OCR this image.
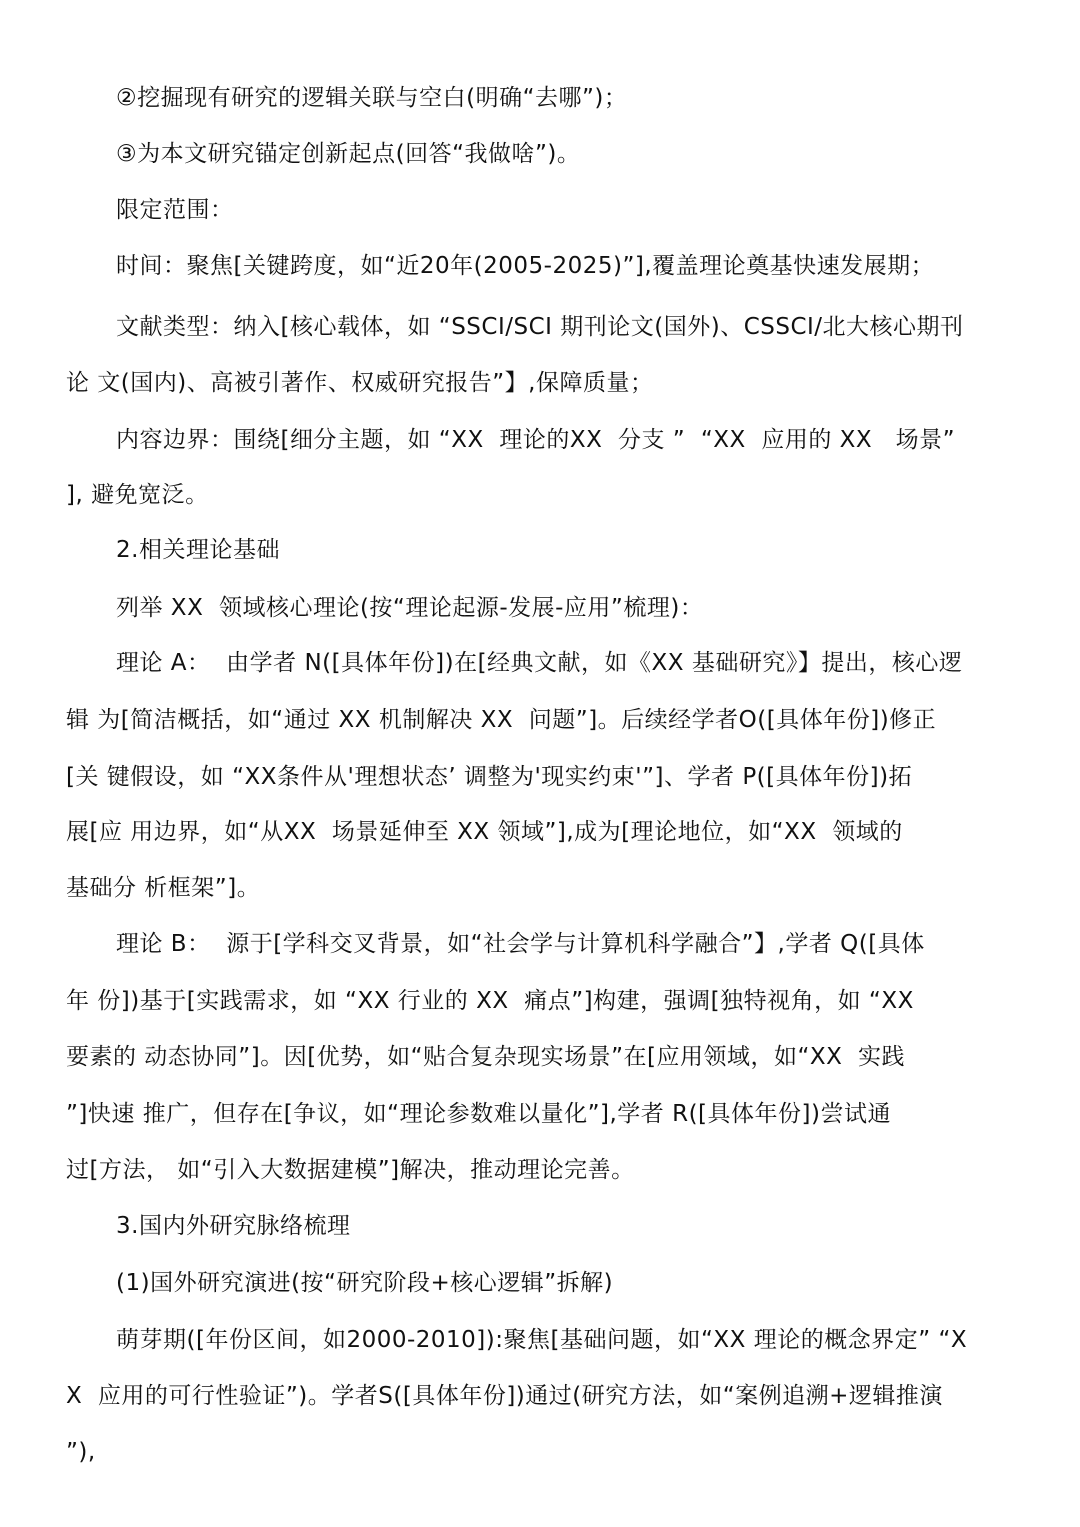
②挖掘现有研究的逻辑关联与空白(明确“去哪”)；
③为本文研究锚定创新起点(回答“我做啥”)。
限定范围：
时间：聚焦[关键跨度，如“近20年(2005-2025)”],覆盖理论奠基快速发展期；
文献类型：纳入[核心载体，如 “SSCI/SCI 期刊论文(国外)、CSSCI/北大核心期刊
论 文(国内)、高被引著作、权威研究报告”】,保障质量；
内容边界：围绕[细分主题，如 “XX  理论的XX  分支 ”  “XX  应用的 XX   场景”
], 避免宽泛。
2.相关理论基础
列举 XX  领域核心理论(按“理论起源-发展-应用”梳理)：
理论 A：  由学者 N([具体年份])在[经典文献，如《XX 基础研究》】提出，核心逻
辑 为[简洁概括，如“通过 XX 机制解决 XX  问题”]。后续经学者O([具体年份])修正
[关 键假设，如 “XX条件从'理想状态’ 调整为'现实约束'”]、学者 P([具体年份])拓
展[应 用边界，如“从XX  场景延伸至 XX 领域”],成为[理论地位，如“XX  领域的
基础分 析框架”]。
理论 B：  源于[学科交叉背景，如“社会学与计算机科学融合”】,学者 Q([具体
年 份])基于[实践需求，如 “XX 行业的 XX  痛点”]构建，强调[独特视角，如 “XX
要素的 动态协同”]。因[优势，如“贴合复杂现实场景”在[应用领域，如“XX  实践
”]快速 推广，但存在[争议，如“理论参数难以量化”],学者 R([具体年份])尝试通
过[方法， 如“引入大数据建模”]解决，推动理论完善。
3.国内外研究脉络梳理
(1)国外研究演进(按“研究阶段+核心逻辑”拆解)
萌芽期([年份区间，如2000-2010]):聚焦[基础问题，如“XX 理论的概念界定” “X
X  应用的可行性验证”)。学者S([具体年份])通过(研究方法，如“案例追溯+逻辑推演
”),
